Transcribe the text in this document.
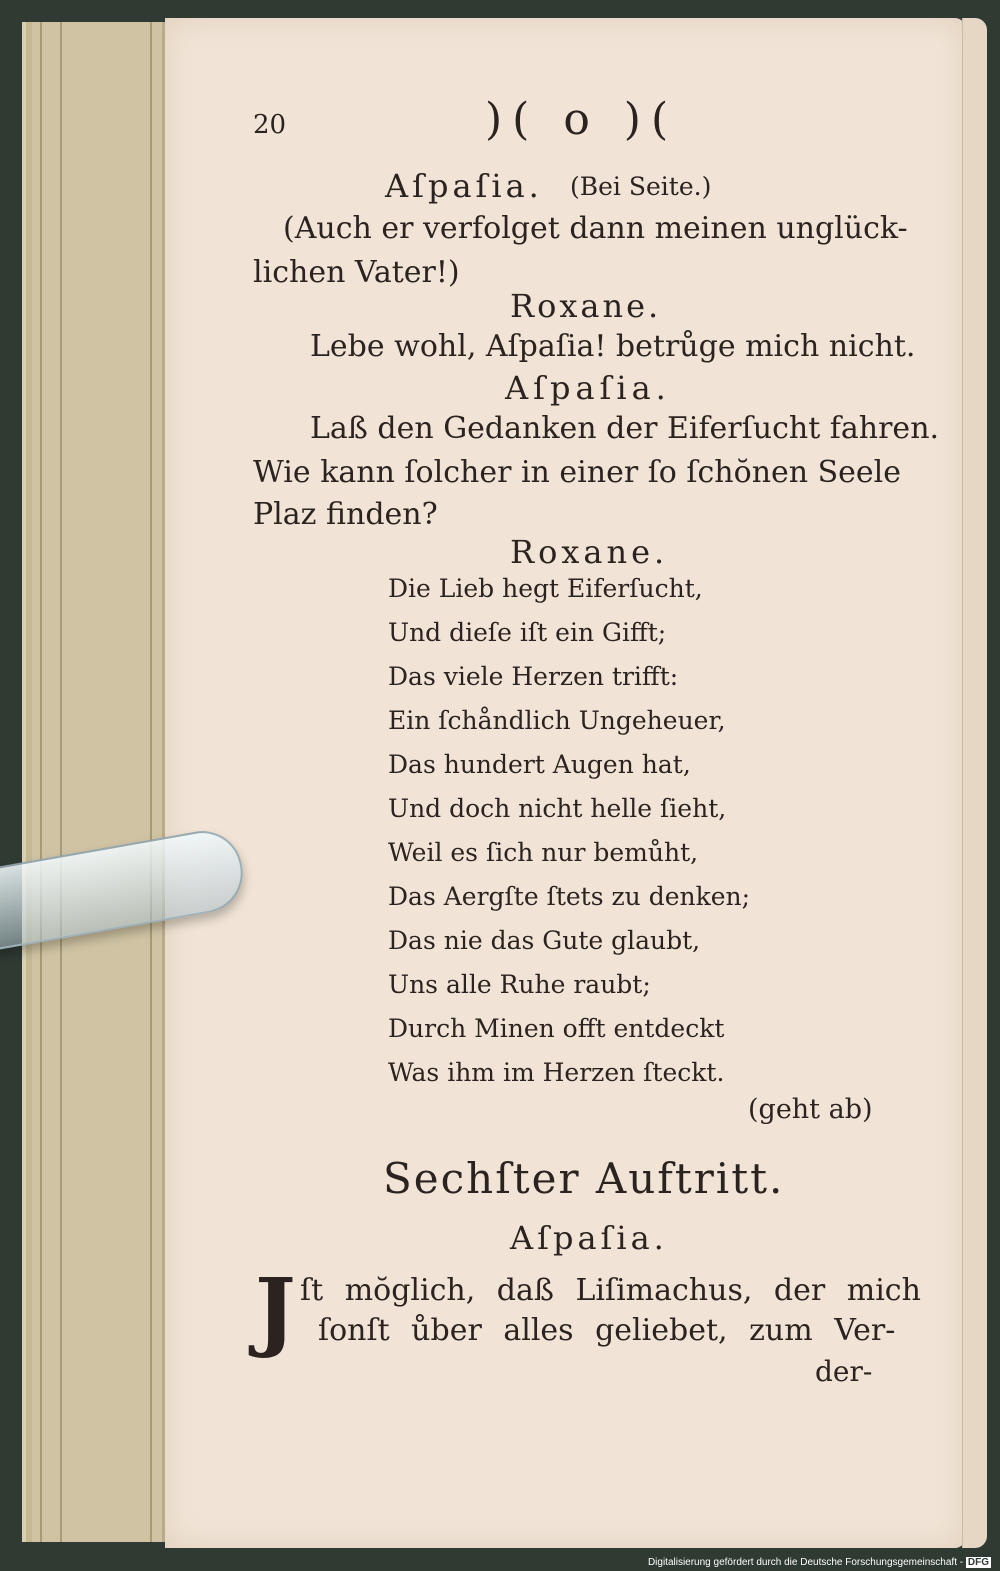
20	)( o )(

Aſpaſia. (Bei Seite.)

(Auch er verfolget dann meinen unglück-

lichen Vater!)

Roxane.

Lebe wohl, Aſpaſia! betrůge mich nicht.

Aſpaſia.

Laß den Gedanken der Eiferſucht fahren.

Wie kann ſolcher in einer ſo ſchŏnen Seele

Plaz finden?

Roxane.

Die Lieb hegt Eiferſucht,

Und dieſe iſt ein Gifft;

Das viele Herzen trifft:

Ein ſchåndlich Ungeheuer,

Das hundert Augen hat,

Und doch nicht helle ſieht,

Weil es ſich nur bemůht,

Das Aergſte ſtets zu denken;

Das nie das Gute glaubt,

Uns alle Ruhe raubt;

Durch Minen offt entdeckt

Was ihm im Herzen ſteckt.

(geht ab)

Sechſter Auftritt.

Aſpaſia.

J ſt mŏglich, daß Liſimachus, der mich

ſonſt ůber alles geliebet, zum Ver-

der-

Digitalisierung gefördert durch die Deutsche Forschungsgemeinschaft - DFG
